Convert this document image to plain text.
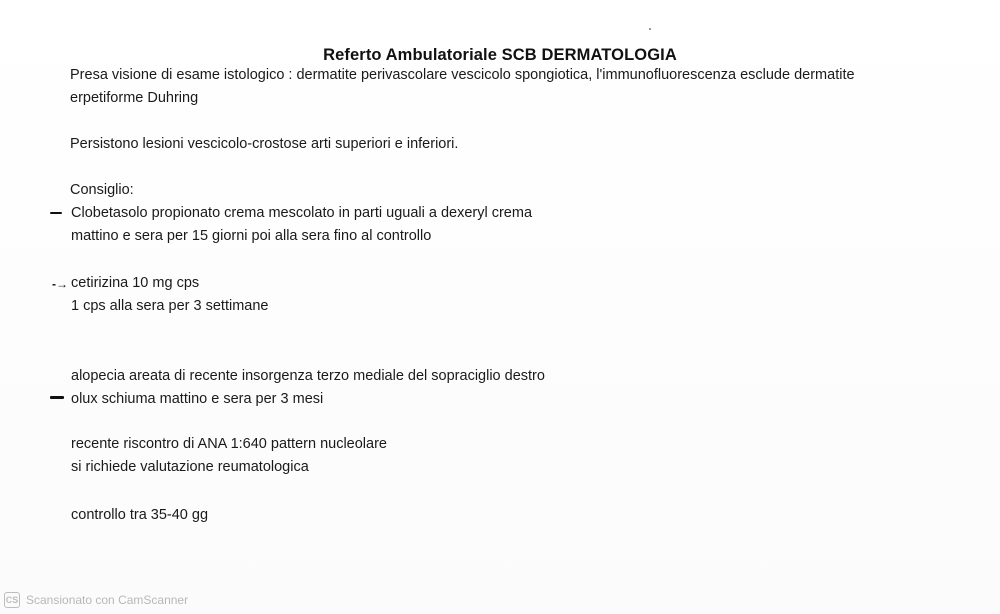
Referto Ambulatoriale SCB DERMATOLOGIA
Presa visione di esame istologico : dermatite perivascolare vescicolo spongiotica, l'immunofluorescenza esclude dermatite
erpetiforme Duhring
Persistono lesioni vescicolo-crostose arti superiori e inferiori.
Consiglio:
Clobetasolo propionato crema mescolato in parti uguali a dexeryl crema
mattino e sera per 15 giorni poi alla sera fino al controllo
-→ cetirizina 10 mg cps
1 cps alla sera per 3 settimane
alopecia areata di recente insorgenza terzo mediale del sopraciglio destro
olux schiuma mattino e sera per 3 mesi
recente riscontro di ANA 1:640 pattern nucleolare
si richiede valutazione reumatologica
controllo tra 35-40 gg
CS Scansionato con CamScanner
